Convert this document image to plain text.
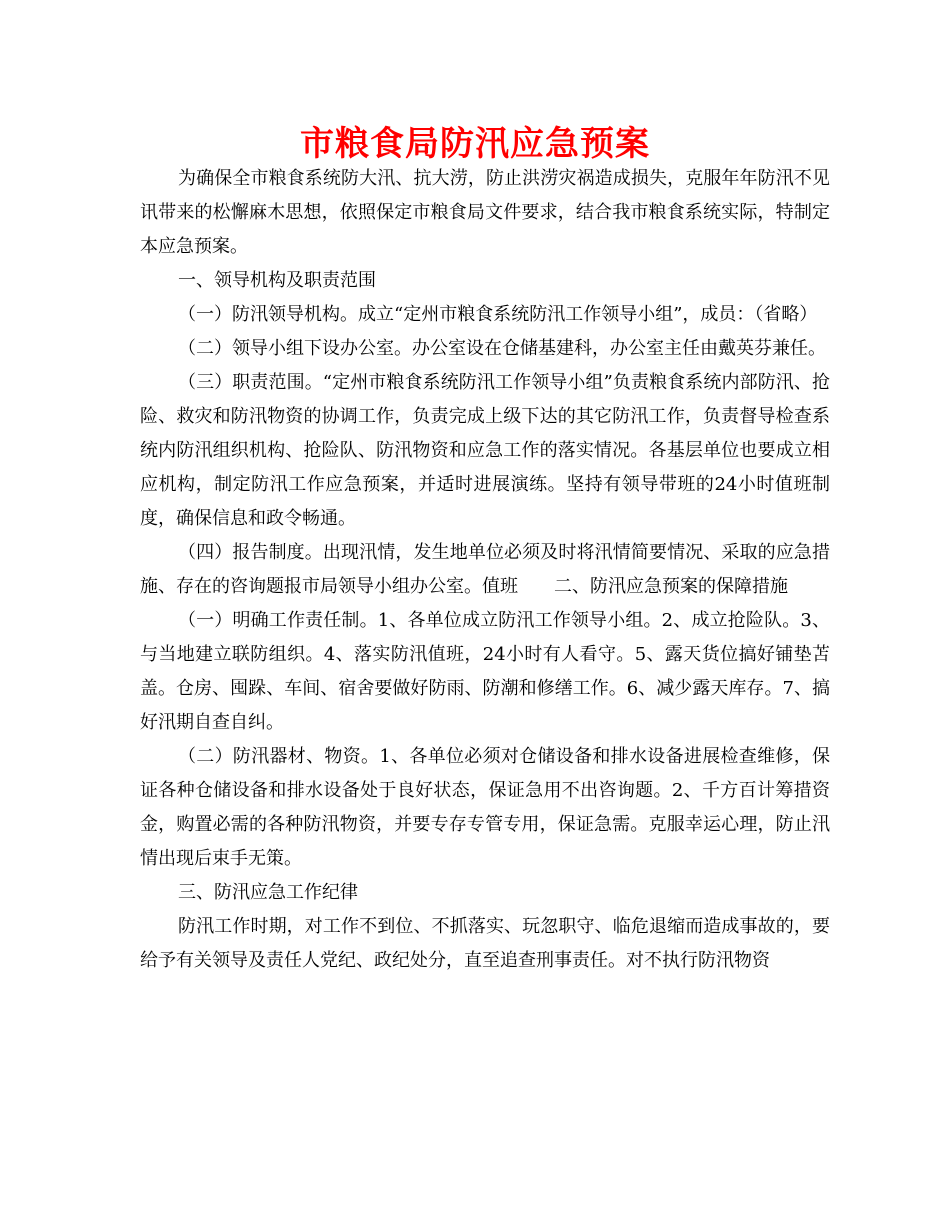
市粮食局防汛应急预案

为确保全市粮食系统防大汛、抗大涝，防止洪涝灾祸造成损失，克服年年防汛不见讯带来的松懈麻木思想，依照保定市粮食局文件要求，结合我市粮食系统实际，特制定本应急预案。

一、领导机构及职责范围

（一）防汛领导机构。成立“定州市粮食系统防汛工作领导小组”，成员：（省略）

（二）领导小组下设办公室。办公室设在仓储基建科，办公室主任由戴英芬兼任。

（三）职责范围。“定州市粮食系统防汛工作领导小组”负责粮食系统内部防汛、抢险、救灾和防汛物资的协调工作，负责完成上级下达的其它防汛工作，负责督导检查系统内防汛组织机构、抢险队、防汛物资和应急工作的落实情况。各基层单位也要成立相应机构，制定防汛工作应急预案，并适时进展演练。坚持有领导带班的24小时值班制度，确保信息和政令畅通。

（四）报告制度。出现汛情，发生地单位必须及时将汛情简要情况、采取的应急措施、存在的咨询题报市局领导小组办公室。值班　　二、防汛应急预案的保障措施

（一）明确工作责任制。1、各单位成立防汛工作领导小组。2、成立抢险队。3、与当地建立联防组织。4、落实防汛值班，24小时有人看守。5、露天货位搞好铺垫苫盖。仓房、囤跺、车间、宿舍要做好防雨、防潮和修缮工作。6、减少露天库存。7、搞好汛期自查自纠。

（二）防汛器材、物资。1、各单位必须对仓储设备和排水设备进展检查维修，保证各种仓储设备和排水设备处于良好状态，保证急用不出咨询题。2、千方百计筹措资金，购置必需的各种防汛物资，并要专存专管专用，保证急需。克服幸运心理，防止汛情出现后束手无策。

三、防汛应急工作纪律

防汛工作时期，对工作不到位、不抓落实、玩忽职守、临危退缩而造成事故的，要给予有关领导及责任人党纪、政纪处分，直至追查刑事责任。对不执行防汛物资
